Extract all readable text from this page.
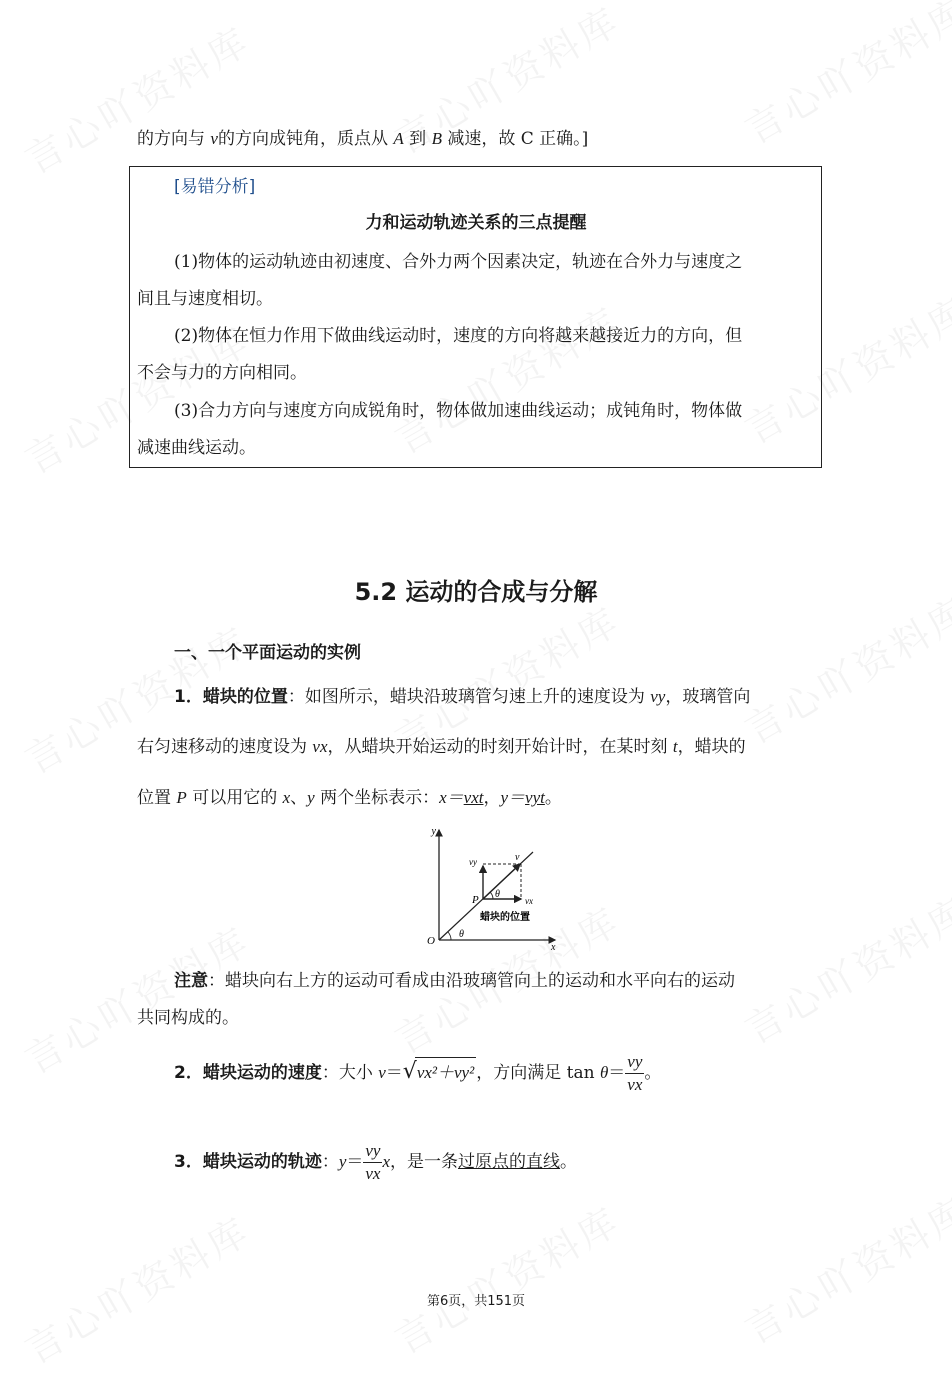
的方向与 v的方向成钝角，质点从 A 到 B 减速，故 C 正确。]
[易错分析]
力和运动轨迹关系的三点提醒
(1)物体的运动轨迹由初速度、合外力两个因素决定，轨迹在合外力与速度之
间且与速度相切。
(2)物体在恒力作用下做曲线运动时，速度的方向将越来越接近力的方向，但
不会与力的方向相同。
(3)合力方向与速度方向成锐角时，物体做加速曲线运动；成钝角时，物体做
减速曲线运动。
5.2 运动的合成与分解
一、一个平面运动的实例
1．蜡块的位置：如图所示，蜡块沿玻璃管匀速上升的速度设为 vy，玻璃管向
右匀速移动的速度设为 vx，从蜡块开始运动的时刻开始计时，在某时刻 t，蜡块的
位置 P 可以用它的 x、y 两个坐标表示：x＝vxt，y＝vyt。
y
x
O
θ
θ
P
v
vy
vx
蜡块的位置
注意：蜡块向右上方的运动可看成由沿玻璃管向上的运动和水平向右的运动
共同构成的。
2．蜡块运动的速度：大小 v＝√vx²＋vy² ，方向满足 $\tan \theta= \frac{vy}{vx}$ 。
3．蜡块运动的轨迹：$y= \frac{vy}{vx}$ x，是一条过原点的直线。
第6页，共151页
